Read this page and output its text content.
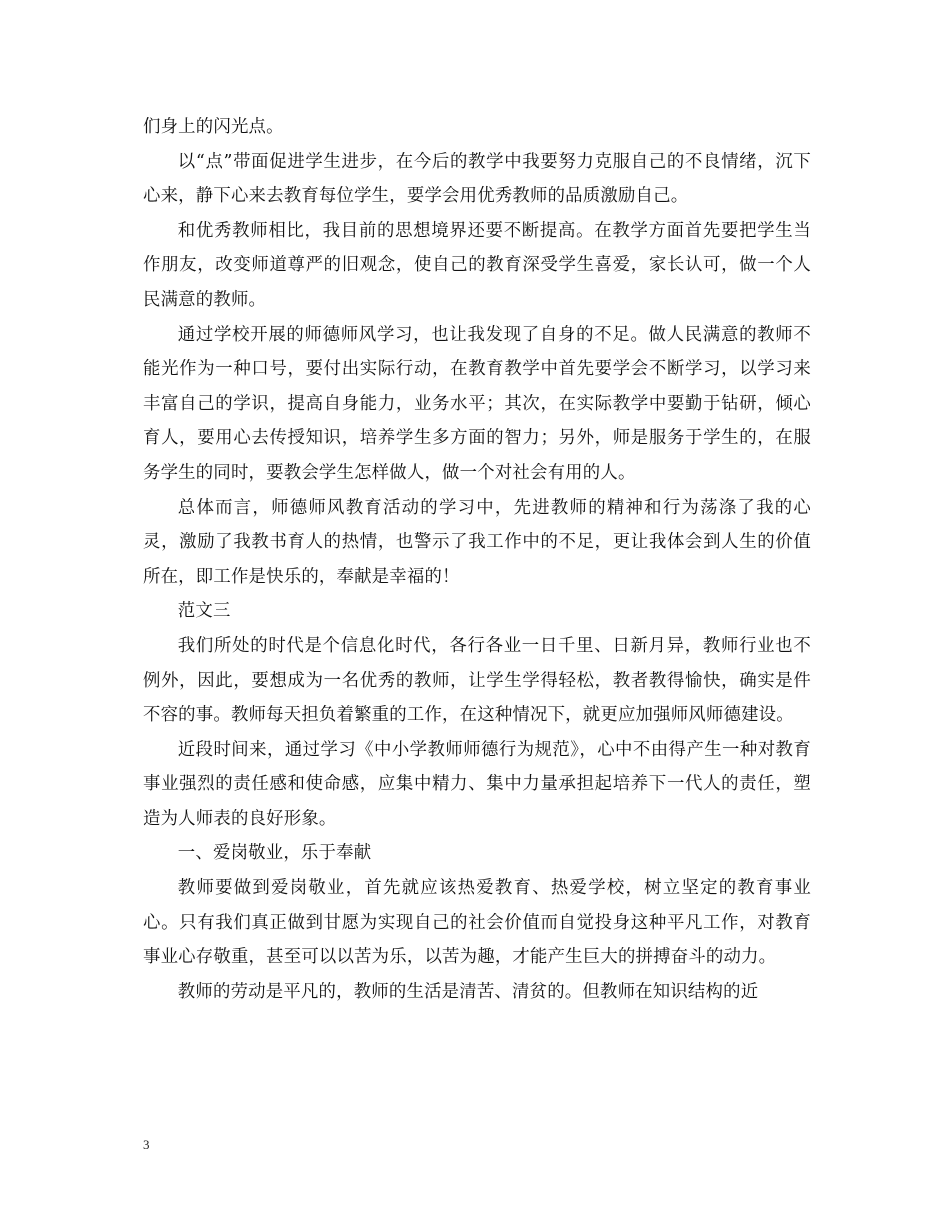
们身上的闪光点。

以“点”带面促进学生进步，在今后的教学中我要努力克服自己的不良情绪，沉下心来，静下心来去教育每位学生，要学会用优秀教师的品质激励自己。

和优秀教师相比，我目前的思想境界还要不断提高。在教学方面首先要把学生当作朋友，改变师道尊严的旧观念，使自己的教育深受学生喜爱，家长认可，做一个人民满意的教师。

通过学校开展的师德师风学习，也让我发现了自身的不足。做人民满意的教师不能光作为一种口号，要付出实际行动，在教育教学中首先要学会不断学习，以学习来丰富自己的学识，提高自身能力，业务水平；其次，在实际教学中要勤于钻研，倾心育人，要用心去传授知识，培养学生多方面的智力；另外，师是服务于学生的，在服务学生的同时，要教会学生怎样做人，做一个对社会有用的人。

总体而言，师德师风教育活动的学习中，先进教师的精神和行为荡涤了我的心灵，激励了我教书育人的热情，也警示了我工作中的不足，更让我体会到人生的价值所在，即工作是快乐的，奉献是幸福的！

范文三

我们所处的时代是个信息化时代，各行各业一日千里、日新月异，教师行业也不例外，因此，要想成为一名优秀的教师，让学生学得轻松，教者教得愉快，确实是件不容的事。教师每天担负着繁重的工作，在这种情况下，就更应加强师风师德建设。

近段时间来，通过学习《中小学教师师德行为规范》，心中不由得产生一种对教育事业强烈的责任感和使命感，应集中精力、集中力量承担起培养下一代人的责任，塑造为人师表的良好形象。

一、爱岗敬业，乐于奉献

教师要做到爱岗敬业，首先就应该热爱教育、热爱学校，树立坚定的教育事业心。只有我们真正做到甘愿为实现自己的社会价值而自觉投身这种平凡工作，对教育事业心存敬重，甚至可以以苦为乐，以苦为趣，才能产生巨大的拼搏奋斗的动力。

教师的劳动是平凡的，教师的生活是清苦、清贫的。但教师在知识结构的近

3
